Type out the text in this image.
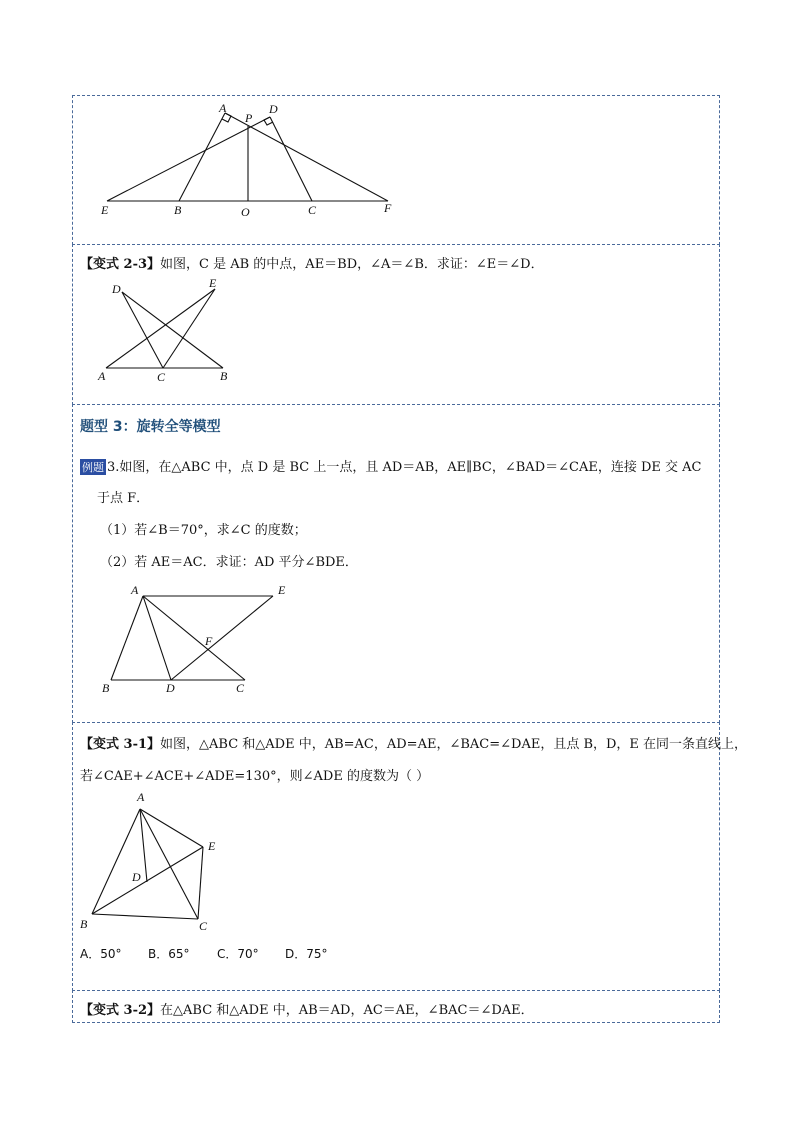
A
P
D
E	B	O	C	F
【变式 2-3】如图，C 是 AB 的中点，AE＝BD，∠A＝∠B．求证：∠E＝∠D．
D	E
A	C	B
题型 3：旋转全等模型
例题 3.如图，在△ABC 中，点 D 是 BC 上一点，且 AD＝AB，AE∥BC，∠BAD＝∠CAE，连接 DE 交 AC
于点 F．
（1）若∠B＝70°，求∠C 的度数；
（2）若 AE＝AC．求证：AD 平分∠BDE．
A	E
F
B	D	C
【变式 3-1】如图，△ABC 和△ADE 中，AB=AC，AD=AE，∠BAC=∠DAE，且点 B，D，E 在同一条直线上，
若∠CAE+∠ACE+∠ADE=130°，则∠ADE 的度数为（ ）
A
E
D
B	C
A．50° B．65° C．70° D．75°
【变式 3-2】在△ABC 和△ADE 中，AB＝AD，AC＝AE，∠BAC＝∠DAE．
